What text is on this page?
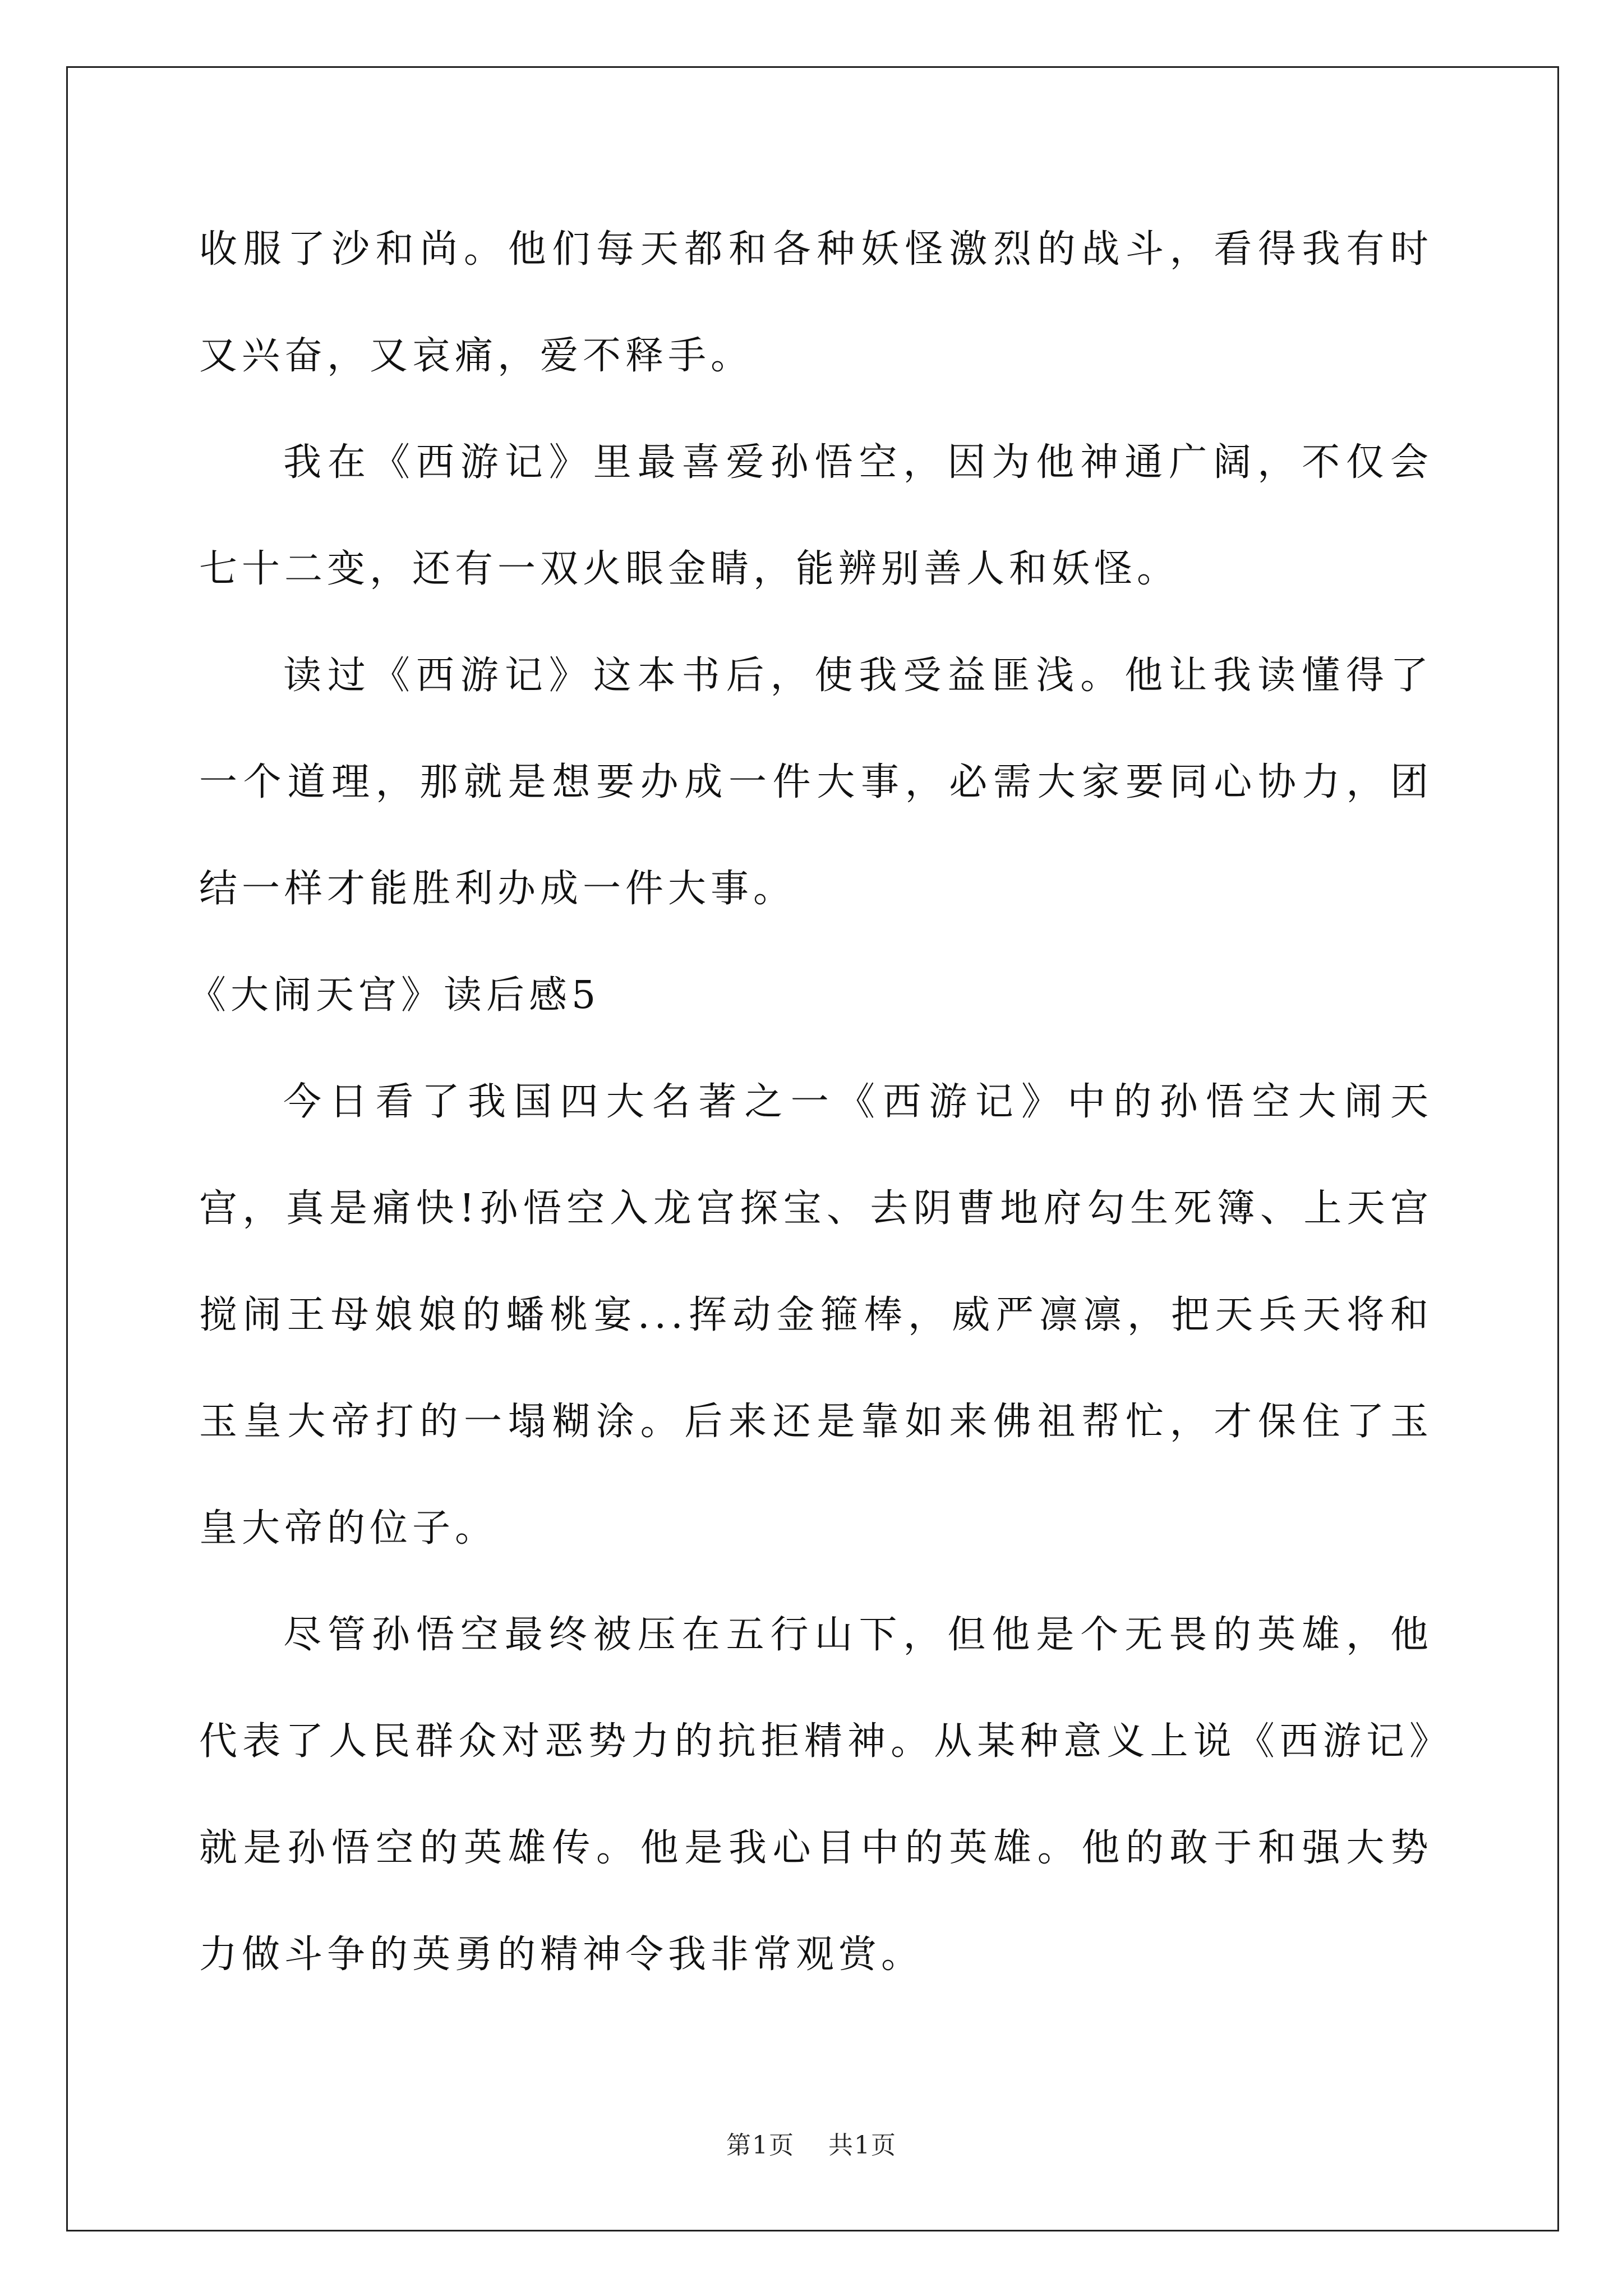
收服了沙和尚。他们每天都和各种妖怪激烈的战斗，看得我有时又兴奋，又哀痛，爱不释手。

我在《西游记》里最喜爱孙悟空，因为他神通广阔，不仅会七十二变，还有一双火眼金睛，能辨别善人和妖怪。

读过《西游记》这本书后，使我受益匪浅。他让我读懂得了一个道理，那就是想要办成一件大事，必需大家要同心协力，团结一样才能胜利办成一件大事。

《大闹天宫》读后感5

今日看了我国四大名著之一《西游记》中的孙悟空大闹天宫，真是痛快!孙悟空入龙宫探宝、去阴曹地府勾生死簿、上天宫搅闹王母娘娘的蟠桃宴...挥动金箍棒，威严凛凛，把天兵天将和玉皇大帝打的一塌糊涂。后来还是靠如来佛祖帮忙，才保住了玉皇大帝的位子。

尽管孙悟空最终被压在五行山下，但他是个无畏的英雄，他代表了人民群众对恶势力的抗拒精神。从某种意义上说《西游记》就是孙悟空的英雄传。他是我心目中的英雄。他的敢于和强大势力做斗争的英勇的精神令我非常观赏。

第1页 共1页
